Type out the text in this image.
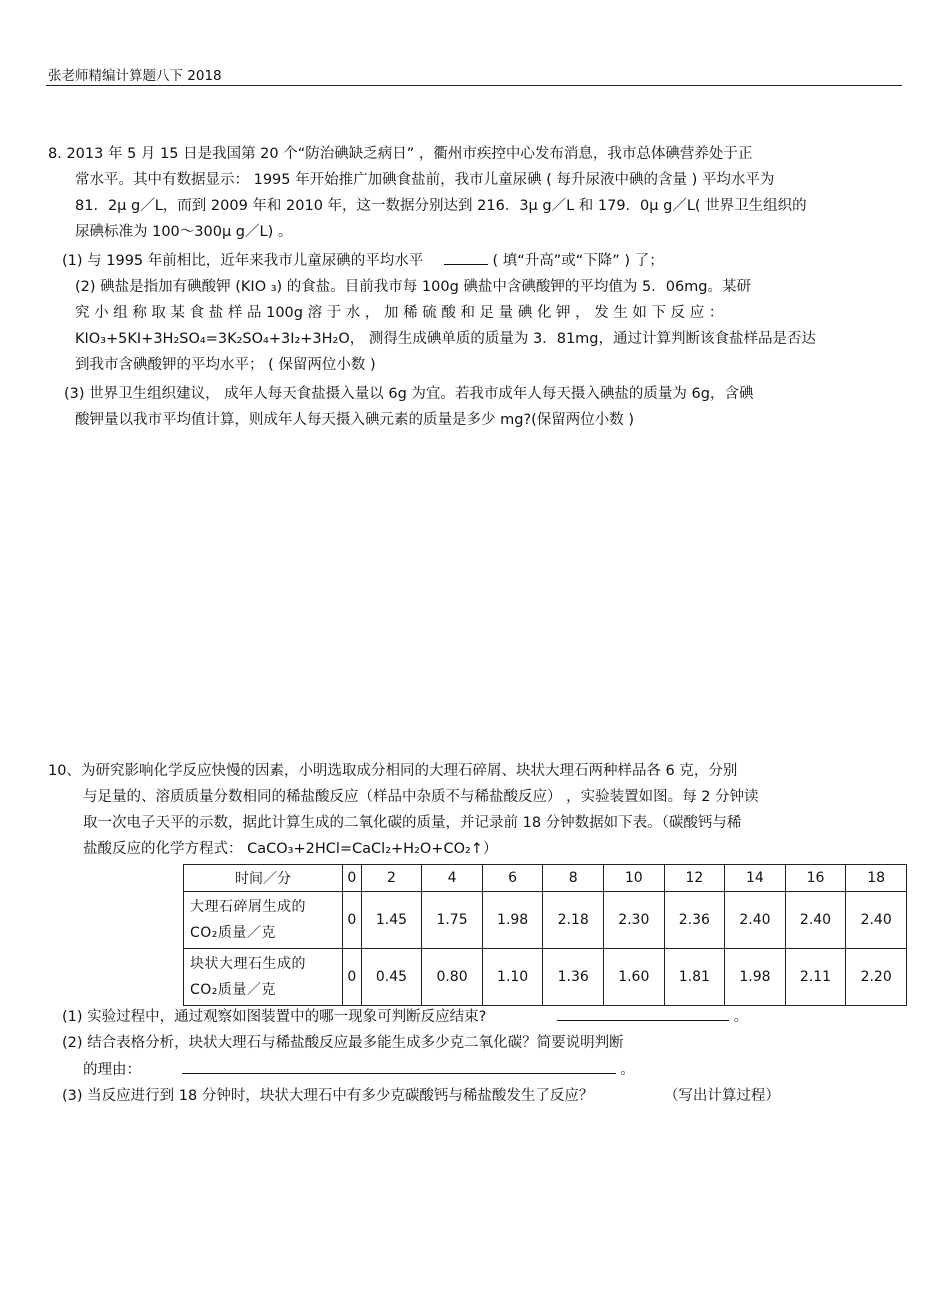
张老师精编计算题八下 2018
8. 2013 年 5 月 15 日是我国第 20 个“防治碘缺乏病日” ，衢州市疾控中心发布消息，我市总体碘营养处于正
常水平。其中有数据显示： 1995 年开始推广加碘食盐前，我市儿童尿碘 ( 每升尿液中碘的含量 ) 平均水平为
81．2μ g／L，而到 2009 年和 2010 年，这一数据分别达到 216．3μ g／L 和 179．0μ g／L( 世界卫生组织的
尿碘标准为 100～300μ g／L) 。
(1) 与 1995 年前相比，近年来我市儿童尿碘的平均水平	( 填“升高”或“下降” ) 了；
(2) 碘盐是指加有碘酸钾 (KIO ₃) 的食盐。目前我市每 100g 碘盐中含碘酸钾的平均值为 5．06mg。某研
究 小 组 称 取 某 食 盐 样 品 100g 溶 于 水 ， 加 稀 硫 酸 和 足 量 碘 化 钾 ， 发 生 如 下 反 应 ：
KIO₃+5KI+3H₂SO₄=3K₂SO₄+3I₂+3H₂O， 测得生成碘单质的质量为 3．81mg，通过计算判断该食盐样品是否达
到我市含碘酸钾的平均水平； ( 保留两位小数 )
(3) 世界卫生组织建议， 成年人每天食盐摄入量以 6g 为宜。若我市成年人每天摄入碘盐的质量为 6g，含碘
酸钾量以我市平均值计算，则成年人每天摄入碘元素的质量是多少 mg?(保留两位小数 )
10、为研究影响化学反应快慢的因素，小明选取成分相同的大理石碎屑、块状大理石两种样品各 6 克，分别
与足量的、溶质质量分数相同的稀盐酸反应（样品中杂质不与稀盐酸反应） ，实验装置如图。每 2 分钟读
取一次电子天平的示数，据此计算生成的二氧化碳的质量，并记录前 18 分钟数据如下表。（碳酸钙与稀
盐酸反应的化学方程式： CaCO₃+2HCl=CaCl₂+H₂O+CO₂↑）
时间／分	0	2	4	6	8	10	12	14	16	18
大理石碎屑生成的 CO₂质量／克	0	1.45	1.75	1.98	2.18	2.30	2.36	2.40	2.40	2.40
块状大理石生成的 CO₂质量／克	0	0.45	0.80	1.10	1.36	1.60	1.81	1.98	2.11	2.20
(1) 实验过程中，通过观察如图装置中的哪一现象可判断反应结束?	。
(2) 结合表格分析，块状大理石与稀盐酸反应最多能生成多少克二氧化碳？简要说明判断
的理由：	。
(3) 当反应进行到 18 分钟时，块状大理石中有多少克碳酸钙与稀盐酸发生了反应？	（写出计算过程）
